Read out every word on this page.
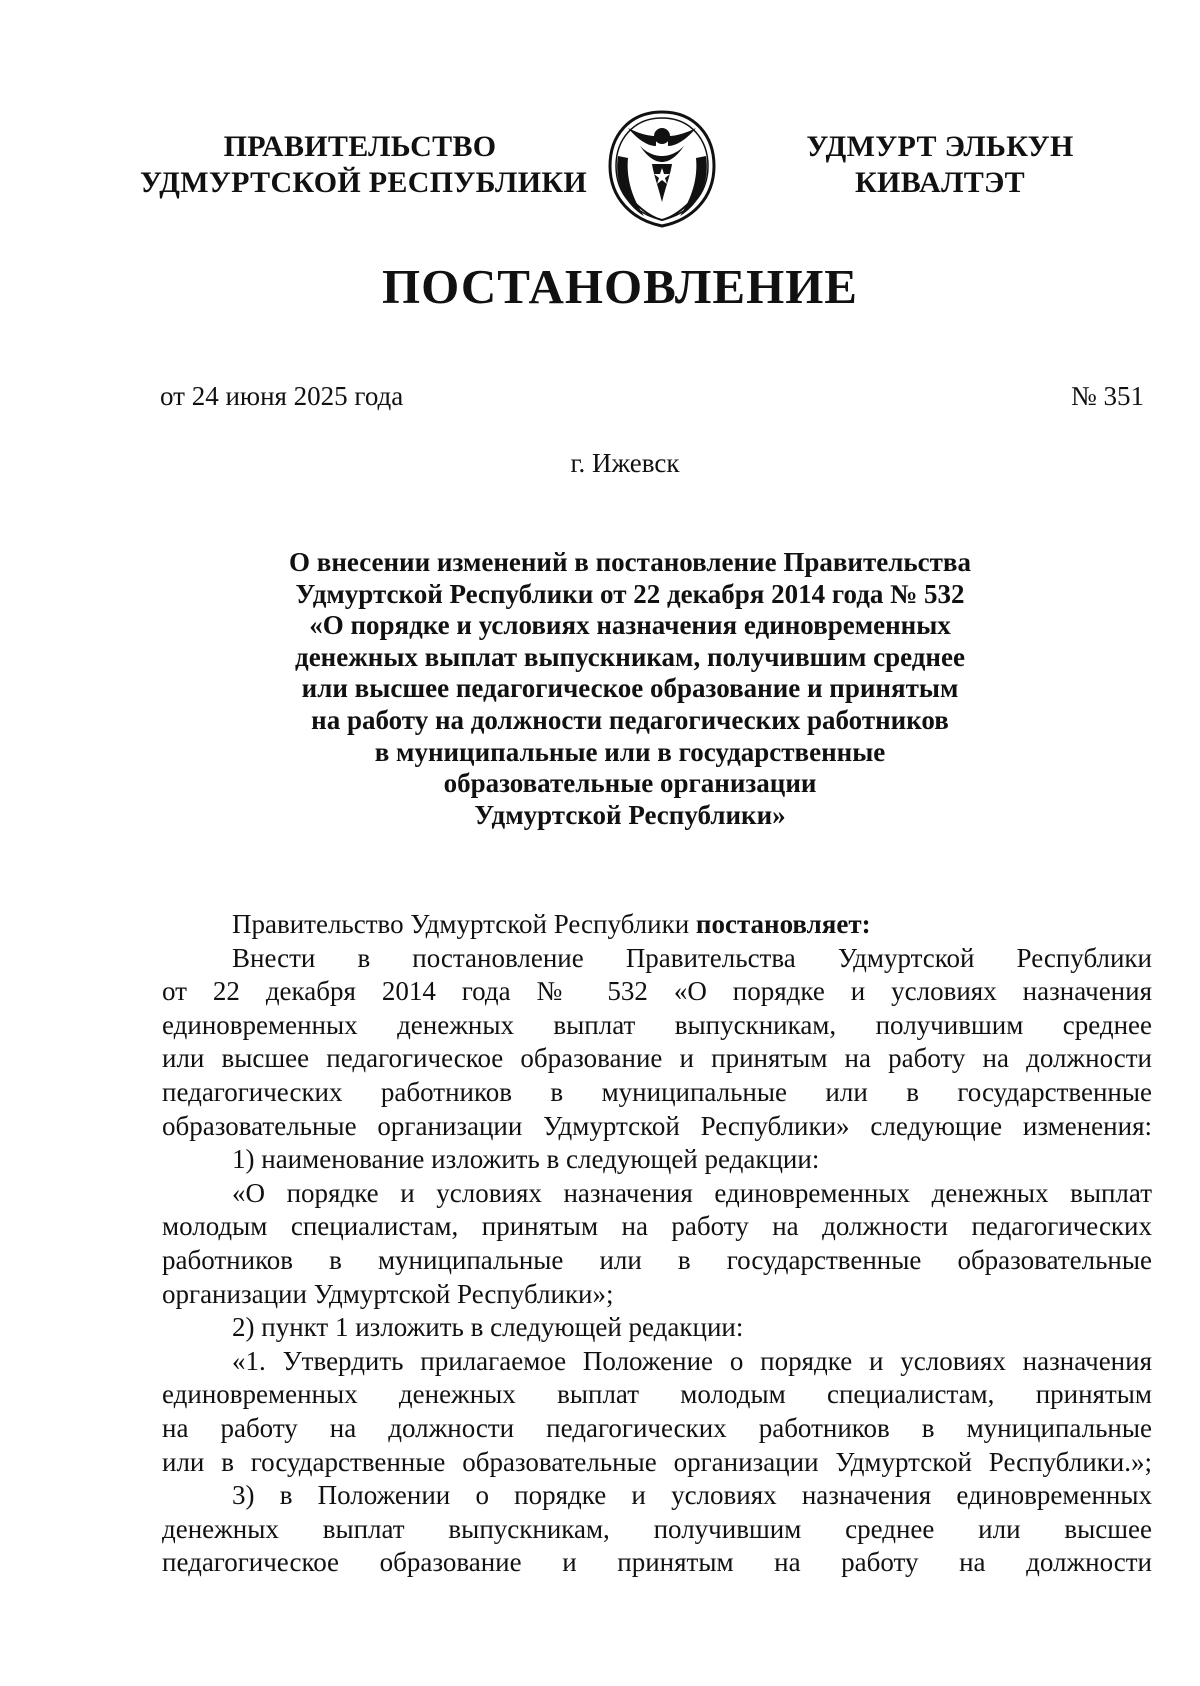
ПРАВИТЕЛЬСТВО
УДМУРТСКОЙ РЕСПУБЛИКИ
УДМУРТ ЭЛЬКУН
КИВАЛТЭТ
ПОСТАНОВЛЕНИЕ
от 24 июня 2025 года	№ 351
г. Ижевск
О внесении изменений в постановление Правительства
Удмуртской Республики от 22 декабря 2014 года № 532
«О порядке и условиях назначения единовременных
денежных выплат выпускникам, получившим среднее
или высшее педагогическое образование и принятым
на работу на должности педагогических работников
в муниципальные или в государственные
образовательные организации
Удмуртской Республики»
Правительство Удмуртской Республики постановляет:
Внести в постановление Правительства Удмуртской Республики
от 22 декабря 2014 года № 532 «О порядке и условиях назначения
единовременных денежных выплат выпускникам, получившим среднее
или высшее педагогическое образование и принятым на работу на должности
педагогических работников в муниципальные или в государственные
образовательные организации Удмуртской Республики» следующие изменения:
1) наименование изложить в следующей редакции:
«О порядке и условиях назначения единовременных денежных выплат
молодым специалистам, принятым на работу на должности педагогических
работников в муниципальные или в государственные образовательные
организации Удмуртской Республики»;
2) пункт 1 изложить в следующей редакции:
«1. Утвердить прилагаемое Положение о порядке и условиях назначения
единовременных денежных выплат молодым специалистам, принятым
на работу на должности педагогических работников в муниципальные
или в государственные образовательные организации Удмуртской Республики.»;
3) в Положении о порядке и условиях назначения единовременных
денежных выплат выпускникам, получившим среднее или высшее
педагогическое образование и принятым на работу на должности
